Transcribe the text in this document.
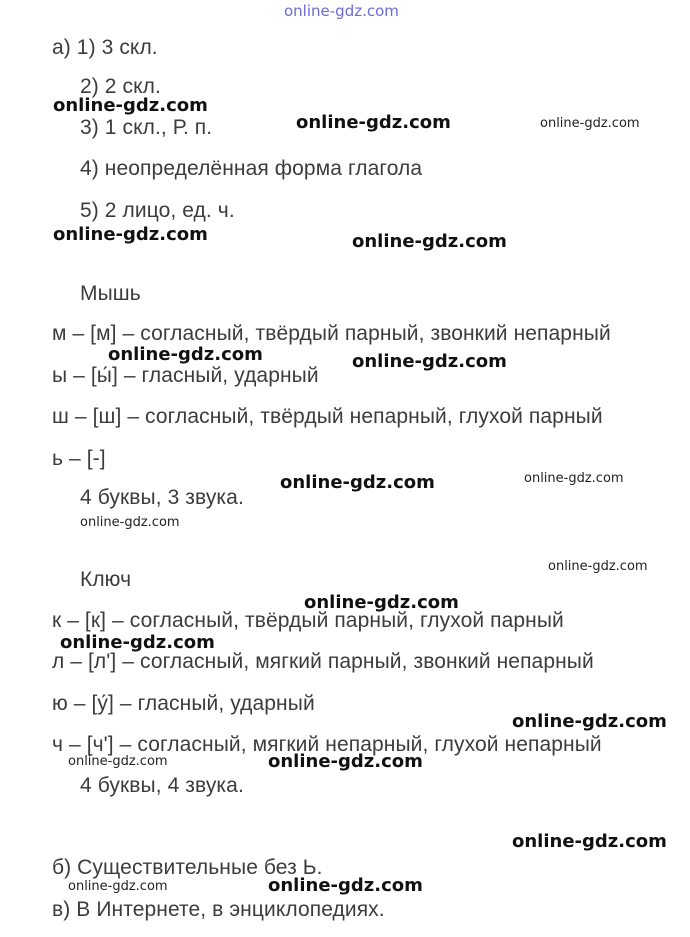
online-gdz.com
а) 1) 3 скл.
2) 2 скл.
3) 1 скл., Р. п.
4) неопределённая форма глагола
5) 2 лицо, ед. ч.
Мышь
м – [м] – согласный, твёрдый парный, звонкий непарный
ы – [ы́] – гласный, ударный
ш – [ш] – согласный, твёрдый непарный, глухой парный
ь – [-]
4 буквы, 3 звука.
Ключ
к – [к] – согласный, твёрдый парный, глухой парный
л – [л'] – согласный, мягкий парный, звонкий непарный
ю – [у́] – гласный, ударный
ч – [ч'] – согласный, мягкий непарный, глухой непарный
4 буквы, 4 звука.
б) Существительные без Ь.
в) В Интернете, в энциклопедиях.
online-gdz.com
online-gdz.com	online-gdz.com
online-gdz.com	online-gdz.com
online-gdz.com	online-gdz.com
online-gdz.com	online-gdz.com
online-gdz.com
online-gdz.com
online-gdz.com
online-gdz.com
online-gdz.com
online-gdz.com	online-gdz.com
online-gdz.com
online-gdz.com	online-gdz.com
